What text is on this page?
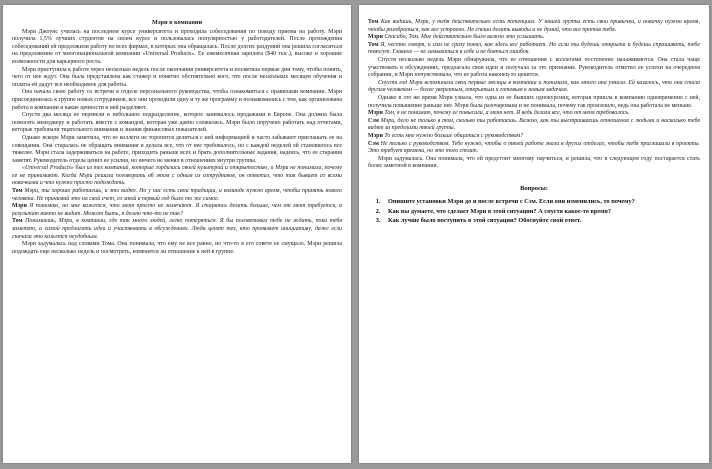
Мэри в компании

Мэри Джоунс училась на последнем курсе университета и проходила собеседования по поводу приема на работу. Мэри получила 1,5% лучших студентов на своем курсе и пользовалась популярностью у работодателей. После прохождения собеседований ей предложили работу во всех фирмах, в которых она обращалась. После долгих раздумий она решила согласиться на предложение от многонациональной компании «Universal Products». Ее ежемесячная зарплата ($40 тыс.), высоко и хорошие возможности для карьерного роста.

Мэри приступила к работе через несколько недель после окончания университета и посвятила первые дни тому, чтобы понять, чего от нее ждут. Она была представлена как стажер и понятно обстоятельно кого, что после нескольких месяцев обучения и оплаты ей дадут все необходимое для работы.

Она начала свою работу со встречи в отделе персонального руководства, чтобы ознакомиться с правилами компании. Мэри присоединилась к группе новых сотрудников, все они проходили одну и ту же программу и познакомились с тем, как организована работа в компании и какие ценности в ней разделяют.

Спустя два месяца ее перевели в небольшое подразделение, которое занималось продажами в Европе. Она должна была помогать менеджеру и работать вместе с командой, которая уже давно сложилась. Мэри было поручено работать над отчетами, которые требовали тщательного внимания и знания финансовых показателей.

Однако вскоре Мэри заметила, что ее коллеги не торопятся делиться с ней информацией и часто забывают приглашать ее на совещания. Она старалась не обращать внимания и делала все, что от нее требовалось, но с каждой неделей ей становилось все тяжелее. Мэри стала задерживаться на работе, приходить раньше всех и брать дополнительные задания, надеясь, что ее старания заметят. Руководитель отдела ценил ее усилия, но ничего не менял в отношениях внутри группы.

«Universal Products» был из тех компаний, которые гордились своей культурой и открытостью, и Мэри не понимала, почему ее не принимают. Когда Мэри решила поговорить об этом с одним из сотрудников, он ответил, что так бывает со всеми новичками и что нужно просто подождать.

Том Мэри, ты хорошо работаешь, и это видно. Но у нас есть свои традиции, и команде нужно время, чтобы принять нового человека. Не принимай это на свой счет, со мной в первый год было то же самое.

Мэри Я понимаю, но мне кажется, что меня просто не замечают. Я стараюсь делать больше, чем от меня требуется, а результат никто не видит. Может быть, я делаю что-то не так?

Том Понимаешь, Мэри, в компании, где так много людей, легко потеряться. Я бы посоветовал тебе не ждать, пока тебя заметят, а самой предлагать идеи и участвовать в обсуждениях. Люди ценят тех, кто проявляет инициативу, даже если сначала это кажется неудобным.

Мэри задумалась над словами Тома. Она понимала, что ему не все равно, но что-то в его совете ее смущало. Мэри решила подождать еще несколько недель и посмотреть, изменится ли отношение к ней в группе.

Том Как видишь, Мэри, у тебя действительно есть потенциал. У нашей группы есть свои привычки, и новичку нужно время, чтобы разобраться, как все устроено. Не спеши делать выводы и не думай, что все против тебя.

Мэри Спасибо, Том. Мне действительно было важно это услышать.

Том Я, честно говоря, и сам не сразу понял, как здесь все работает. Но если ты будешь открыта и будешь спрашивать, тебе помогут. Главное — не замыкаться в себе и не бояться ошибок.

Спустя несколько недель Мэри обнаружила, что ее отношения с коллегами постепенно налаживаются. Она стала чаще участвовать в обсуждениях, предлагала свои идеи и получала за это признание. Руководитель отметил ее успехи на очередном собрании, и Мэри почувствовала, что ее работа наконец-то ценится.

Спустя год Мэри вспоминала свои первые месяцы в компании и понимала, как много она узнала. Ей казалось, что она стала другим человеком — более уверенным, открытым и готовым к новым задачам.

Однако в это же время Мэри узнала, что одна из ее бывших однокурсниц, которая пришла в компанию одновременно с ней, получила повышение раньше нее. Мэри была разочарована и не понимала, почему так произошло, ведь она работала не меньше.

Мэри Том, я не понимаю, почему ее повысили, а меня нет. Я ведь делала все, что от меня требовалось.

Сэм Мэри, дело не только в том, сколько ты работаешь. Важно, как ты выстраиваешь отношения с людьми и насколько тебя видят за пределами твоей группы.

Мэри То есть мне нужно больше общаться с руководством?

Сэм Не только с руководством. Тебе нужно, чтобы о твоей работе знали в других отделах, чтобы тебя приглашали в проекты. Это требует времени, но это того стоит.

Мэри задумалась. Она понимала, что ей предстоит многому научиться, и решила, что в следующем году постарается стать более заметной в компании.

Вопросы:
1. Опишите установки Мэри до и после встречи с Сэм. Если они изменились, то почему?
2. Как вы думаете, что сделает Мэри в этой ситуации? А спустя какое-то время?
3. Как лучше было поступить в этой ситуации? Обоснуйте свой ответ.
